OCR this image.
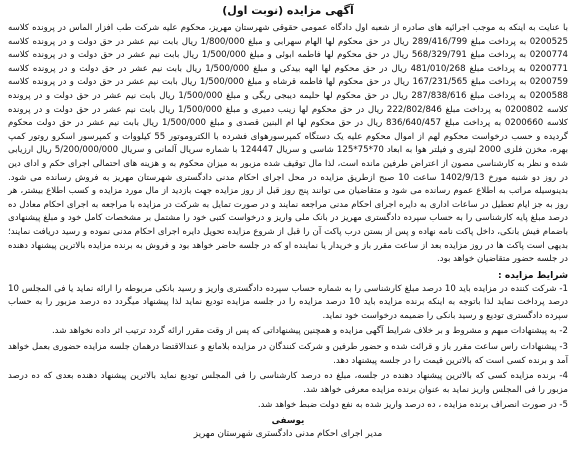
آگهی مزایده (نوبت اول)

با عنایت به اینکه به موجب اجرائیه های صادره از شعبه اول دادگاه عمومی حقوقی شهرستان مهریز، محکوم علیه شرکت طب افزار الماس در پرونده کلاسه 0200525 به پرداخت مبلغ 289/416/799 ریال در حق محکوم لها الهام سهرابی و مبلغ 1/800/000 ریال بابت نیم عشر در حق دولت و در پرونده کلاسه 0200774 به پرداخت مبلغ 568/329/791 ریال در حق محکوم لها فاطمه ابوئی و مبلغ 1/500/000 ریال بابت نیم عشر در حق دولت و در پرونده کلاسه 0200771 به پرداخت مبلغ 481/010/268 ریال در حق محکوم لها الهه بیدکی و مبلغ 1/500/000 ریال بابت نیم عشر در حق دولت و در پرونده کلاسه 0200759 به پرداخت مبلغ 167/231/565 ریال در حق محکوم لها فاطمه قرشاه و مبلغ 1/500/000 ریال بابت نیم عشر در حق دولت و در پرونده کلاسه 0200588 به پرداخت مبلغ 287/838/616 ریال در حق محکوم لها حلیمه دیبجی ریگی و مبلغ 1/500/000 ریال بابت نیم عشر در حق دولت و در پرونده کلاسه 0200802 به پرداخت مبلغ 222/802/846 ریال در حق محکوم لها زینب دمیری و مبلغ 1/500/000 ریال بابت نیم عشر در حق دولت و در پرونده کلاسه 0200660 به پرداخت مبلغ 836/640/457 ریال در حق محکوم لها ام البنین قصدی و مبلغ 1/500/000 ریال بابت نیم عشر در حق دولت محکوم گردیده و حسب درخواست محکوم لهم از اموال محکوم علیه یک دستگاه کمپرسورهوای فشرده با الکتروموتور 55 کیلووات و کمپرسور اسکرو روتور کمپ بهره، مخزن فلزی 2000 لیتری و فیلتر هوا به ابعاد 70*75*125 شاسی و سریال 124447 با شماره سریال آلمانی و سریال 5/200/000/000 ریال ارزیابی شده و نظر به کارشناسی مصون از اعتراض طرفین مانده است، لذا مال توقیف شده مزبور به میزان محکوم به و هزینه های احتمالی اجرای حکم و ادای دین در روز دو شنبه مورخ 1402/9/13 ساعت 10 صبح ازطریق مزایده در محل اجرای احکام مدنی دادگستری شهرستان مهریز به فروش رسانده می شود. بدینوسیله مراتب به اطلاع عموم رسانده می شود و متقاضیان می توانند پنج روز قبل از روز مزایده جهت بازدید از مال مورد مزایده و کسب اطلاع بیشتر، هر روز به جز ایام تعطیل در ساعات اداری به دایره اجرای احکام مدنی مراجعه نمایند و در صورت تمایل به شرکت در مزایده با مراجعه به اجرای احکام معادل ده درصد مبلغ پایه کارشناسی را به حساب سپرده دادگستری مهریز در بانک ملی واریز و درخواست کتبی خود را مشتمل بر مشخصات کامل خود و مبلغ پیشنهادی باضمام فیش بانکی، داخل پاکت نامه نهاده و پس از بستن درب پاکت آن را قبل از شروع مزایده تحویل دایره اجرای احکام مدنی نموده و رسید دریافت نمایند؛ بدیهی است پاکت ها در روز مزایده بعد از ساعت مقرر باز و خریدار یا نماینده او که در جلسه حاضر خواهد بود و فروش به برنده مزایده بالاترین پیشنهاد دهنده در جلسه حضور متقاضیان خواهد بود.

شرایط مزایده :

1- شرکت کننده در مزایده باید 10 درصد مبلغ کارشناسی را به شماره حساب سپرده دادگستری واریز و رسید بانکی مربوطه را ارائه نماید یا فی المجلس 10 درصد پرداخت نماید لذا باتوجه به اینکه برنده مزایده باید 10 درصد مزایده را در جلسه مزایده تودیع نماید لذا پیشنهاد میگردد ده درصد مزبور را به حساب سپرده دادگستری تودیع و رسید بانکی را ضمیمه درخواست خود نماید.

2- به پیشنهادات مبهم و مشروط و بر خلاف شرایط آگهی مزایده و همچنین پیشنهاداتی که پس از وقت مقرر ارائه گردد ترتیب اثر داده نخواهد شد.

3- پیشنهادات راس ساعت مقرر باز و قرائت شده و حضور طرفین و شرکت کنندگان در مزایده بلامانع و عندالاقتضا درهمان جلسه مزایده حضوری بعمل خواهد آمد و برنده کسی است که بالاترین قیمت را در جلسه پیشنهاد دهد.

4- برنده مزایده کسی که بالاترین پیشنهاد دهنده در جلسه، مبلغ ده درصد کارشناسی را فی المجلس تودیع نماید بالاترین پیشنهاد دهنده بعدی که ده درصد مزبور را فی المجلس واریز نماید به عنوان برنده مزایده معرفی خواهد شد.

5- در صورت انصراف برنده مزایده ، ده درصد واریز شده به نفع دولت ضبط خواهد شد.

یوسفی
مدیر اجرای احکام مدنی دادگستری شهرستان مهریز
